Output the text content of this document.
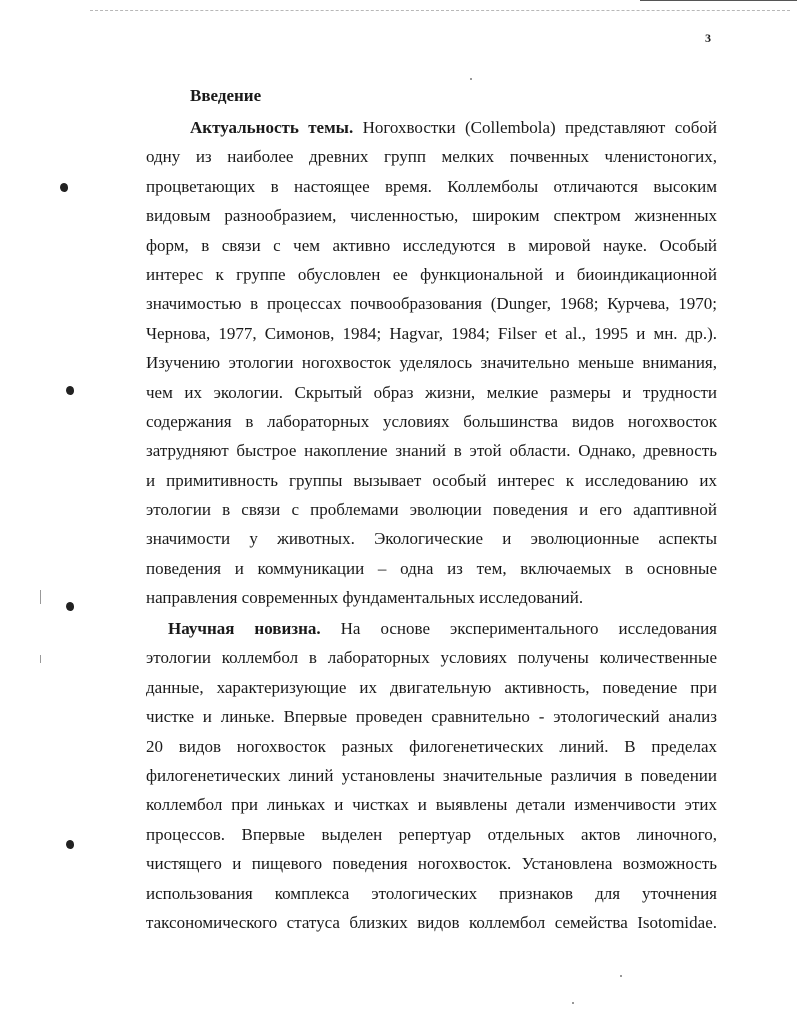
3
Введение
Актуальность темы. Ногохвостки (Collembola) представляют собой
одну из наиболее древних групп мелких почвенных членистоногих,
процветающих в настоящее время. Коллемболы отличаются высоким
видовым разнообразием, численностью, широким спектром жизненных
форм, в связи с чем активно исследуются в мировой науке. Особый
интерес к группе обусловлен ее функциональной и биоиндикационной
значимостью в процессах почвообразования (Dunger, 1968; Курчева, 1970;
Чернова, 1977, Симонов, 1984; Hagvar, 1984; Filser et al., 1995 и мн. др.).
Изучению этологии ногохвосток уделялось значительно меньше внимания,
чем их экологии. Скрытый образ жизни, мелкие размеры и трудности
содержания в лабораторных условиях большинства видов ногохвосток
затрудняют быстрое накопление знаний в этой области. Однако, древность
и примитивность группы вызывает особый интерес к исследованию их
этологии в связи с проблемами эволюции поведения и его адаптивной
значимости у животных. Экологические и эволюционные аспекты
поведения и коммуникации – одна из тем, включаемых в основные
направления современных фундаментальных исследований.
Научная новизна. На основе экспериментального исследования
этологии коллембол в лабораторных условиях получены количественные
данные, характеризующие их двигательную активность, поведение при
чистке и линьке. Впервые проведен сравнительно - этологический анализ
20 видов ногохвосток разных филогенетических линий. В пределах
филогенетических линий установлены значительные различия в поведении
коллембол при линьках и чистках и выявлены детали изменчивости этих
процессов. Впервые выделен репертуар отдельных актов линочного,
чистящего и пищевого поведения ногохвосток. Установлена возможность
использования комплекса этологических признаков для уточнения
таксономического статуса близких видов коллембол семейства Isotomidae.
